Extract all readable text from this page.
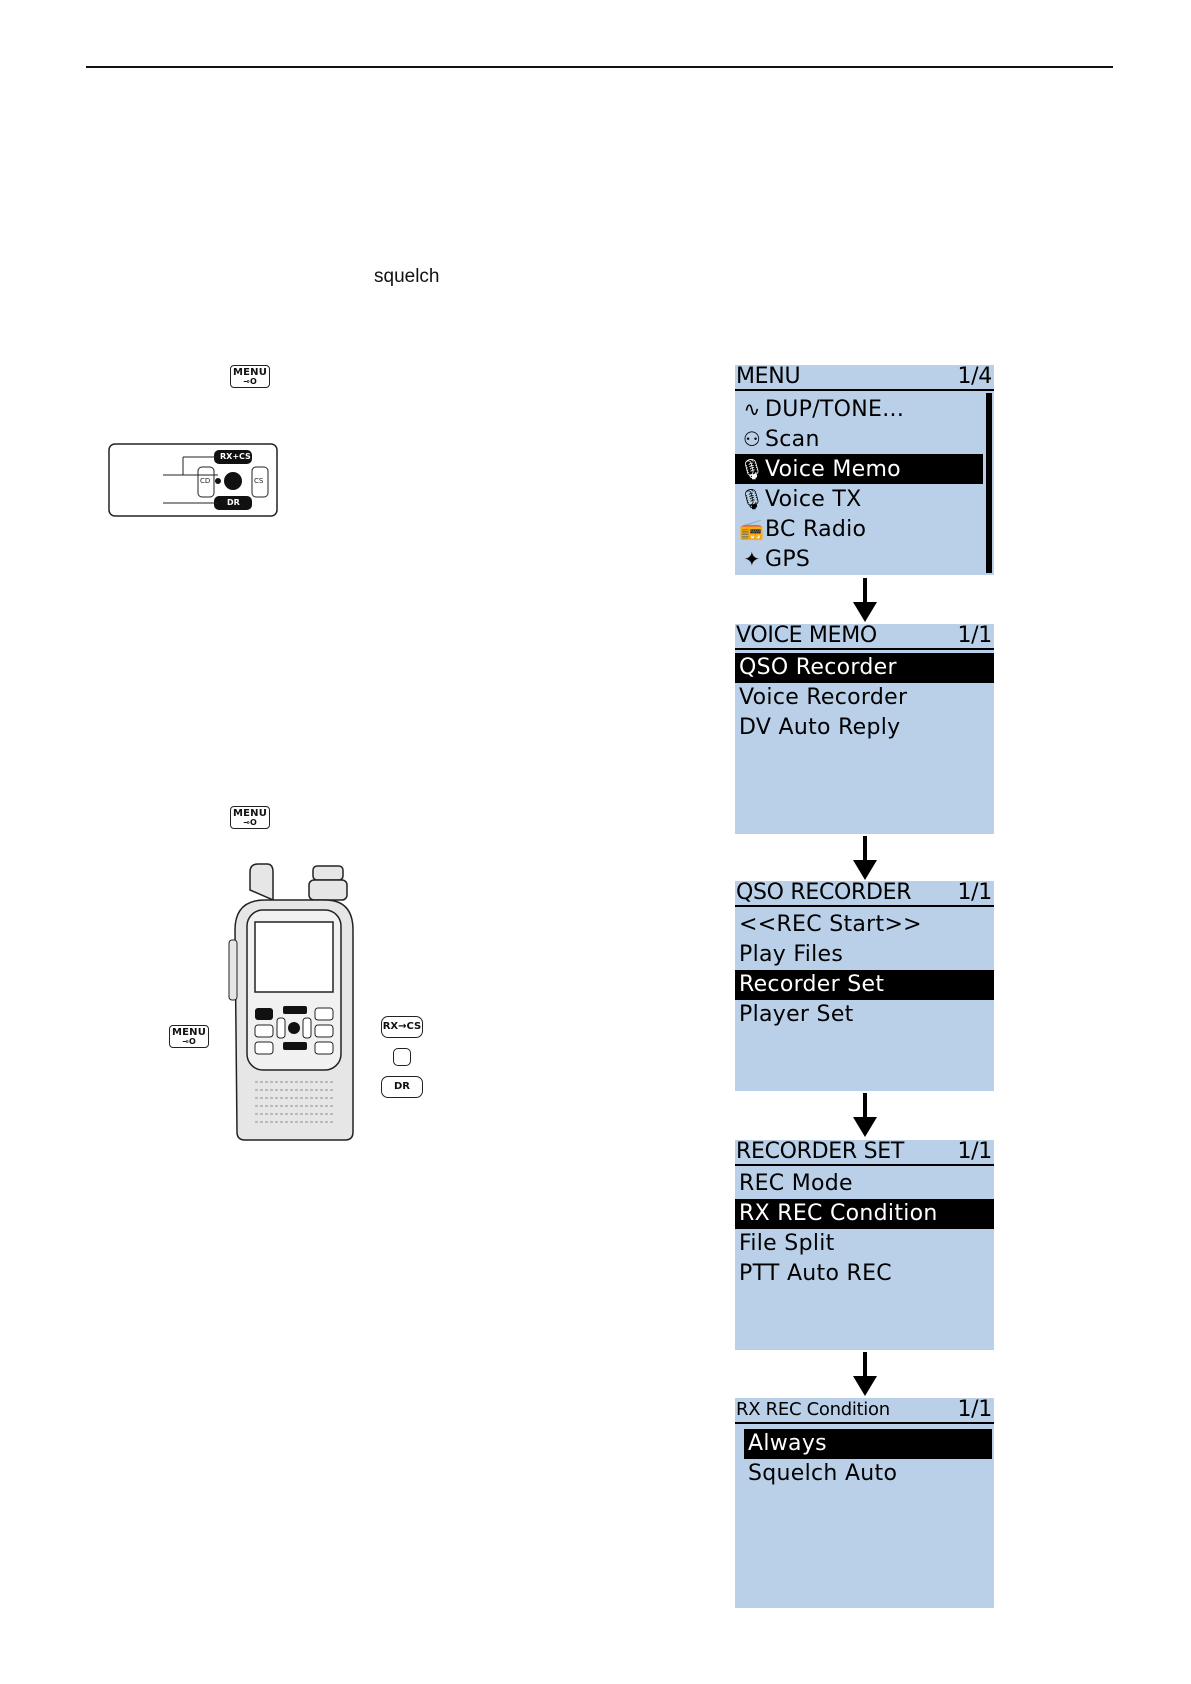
squelch
MENU
⊸O
RX+CS
DR
CD	CS
MENU
⊸O
MENU
⊸O
RX→CS
DR
MENU	1/4
∿ DUP/TONE...
⚇ Scan
🎙Voice Memo
🎙Voice TX
📻BC Radio
✦ GPS
VOICE MEMO	1/1
QSO Recorder
Voice Recorder
DV Auto Reply
QSO RECORDER 1/1
<<REC Start>>
Play Files
Recorder Set
Player Set
RECORDER SET 1/1
REC Mode
RX REC Condition
File Split
PTT Auto REC
RX REC Condition	1/1
Always
Squelch Auto
